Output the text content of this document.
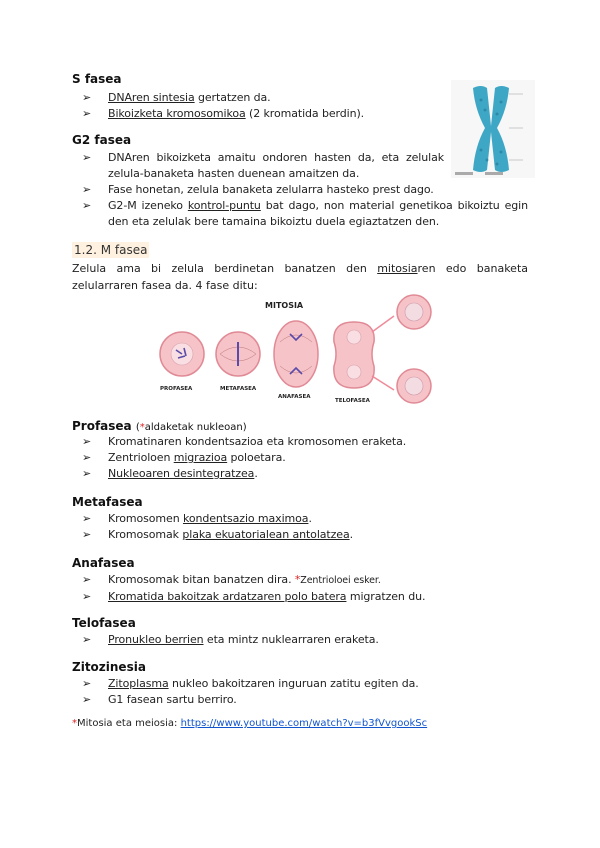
S fasea
➢ DNAren sintesia gertatzen da.
➢ Bikoizketa kromosomikoa (2 kromatida berdin).
G2 fasea
➢ DNAren bikoizketa amaitu ondoren hasten da, eta zelulak zelula-banaketa hasten duenean amaitzen da.
➢ Fase honetan, zelula banaketa zelularra hasteko prest dago.
➢ G2-M izeneko kontrol-puntu bat dago, non material genetikoa bikoiztu egin den eta zelulak bere tamaina bikoiztu duela egiaztatzen den.
1.2. M fasea
Zelula ama bi zelula berdinetan banatzen den mitosiaren edo banaketa zelularraren fasea da. 4 fase ditu:
Profasea (*aldaketak nukleoan)
➢ Kromatinaren kondentsazioa eta kromosomen eraketa.
➢ Zentrioloen migrazioa poloetara.
➢ Nukleoaren desintegratzea.
Metafasea
➢ Kromosomen kondentsazio maximoa.
➢ Kromosomak plaka ekuatorialean antolatzea.
Anafasea
➢ Kromosomak bitan banatzen dira. *Zentrioloei esker.
➢ Kromatida bakoitzak ardatzaren polo batera migratzen du.
Telofasea
➢ Pronukleo berrien eta mintz nuklearraren eraketa.
Zitozinesia
➢ Zitoplasma nukleo bakoitzaren inguruan zatitu egiten da.
➢ G1 fasean sartu berriro.
*Mitosia eta meiosia: https://www.youtube.com/watch?v=b3fVvgookSc
MITOSIA
PROFASEA	METAFASEA
ANAFASEA
TELOFASEA
